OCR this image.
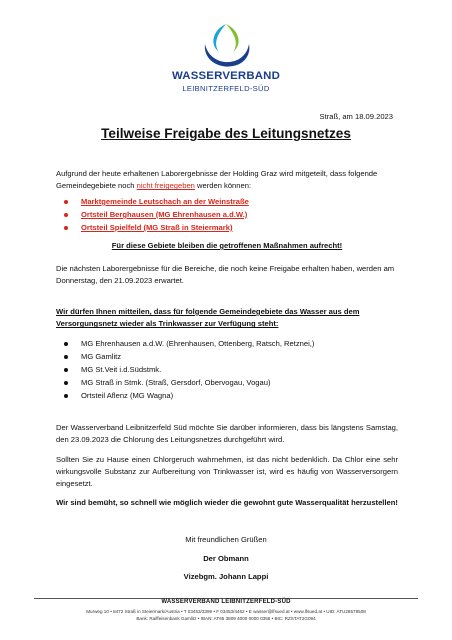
WASSERVERBAND
LEIBNITZERFELD-SÜD
Straß, am 18.09.2023
Teilweise Freigabe des Leitungsnetzes
Aufgrund der heute erhaltenen Laborergebnisse der Holding Graz wird mitgeteilt, dass folgende Gemeindegebiete noch nicht freigegeben werden können:
Marktgemeinde Leutschach an der Weinstraße
Ortsteil Berghausen (MG Ehrenhausen a.d.W.)
Ortsteil Spielfeld (MG Straß in Steiermark)
Für diese Gebiete bleiben die getroffenen Maßnahmen aufrecht!
Die nächsten Laborergebnisse für die Bereiche, die noch keine Freigabe erhalten haben, werden am Donnerstag, den 21.09.2023 erwartet.
Wir dürfen Ihnen mitteilen, dass für folgende Gemeindegebiete das Wasser aus dem Versorgungsnetz wieder als Trinkwasser zur Verfügung steht:
MG Ehrenhausen a.d.W. (Ehrenhausen, Ottenberg, Ratsch, Retznei,)
MG Gamlitz
MG St.Veit i.d.Südstmk.
MG Straß in Stmk. (Straß, Gersdorf, Obervogau, Vogau)
Ortsteil Aflenz (MG Wagna)
Der Wasserverband Leibnitzerfeld Süd möchte Sie darüber informieren, dass bis längstens Samstag, den 23.09.2023 die Chlorung des Leitungsnetzes durchgeführt wird.
Sollten Sie zu Hause einen Chlorgeruch wahrnehmen, ist das nicht bedenklich. Da Chlor eine sehr wirkungsvolle Substanz zur Aufbereitung von Trinkwasser ist, wird es häufig von Wasserversorgern eingesetzt.
Wir sind bemüht, so schnell wie möglich wieder die gewohnt gute Wasserqualität herzustellen!
Mit freundlichen Grüßen
Der Obmann
Vizebgm. Johann Lappi
WASSERVERBAND LEIBNITZERFELD-SÜD
Murweg 10 • 8472 Straß in Steiermark/Austria • T 03453/3399 • F 03453/4462 • E wasser@lfsued.at • www.lfsued.at • UID: ATU28578508
Bank: Raiffeisenbank Gamlitz • IBAN: AT65 3809 4000 0000 0356 • BIC: RZSTAT2G094
